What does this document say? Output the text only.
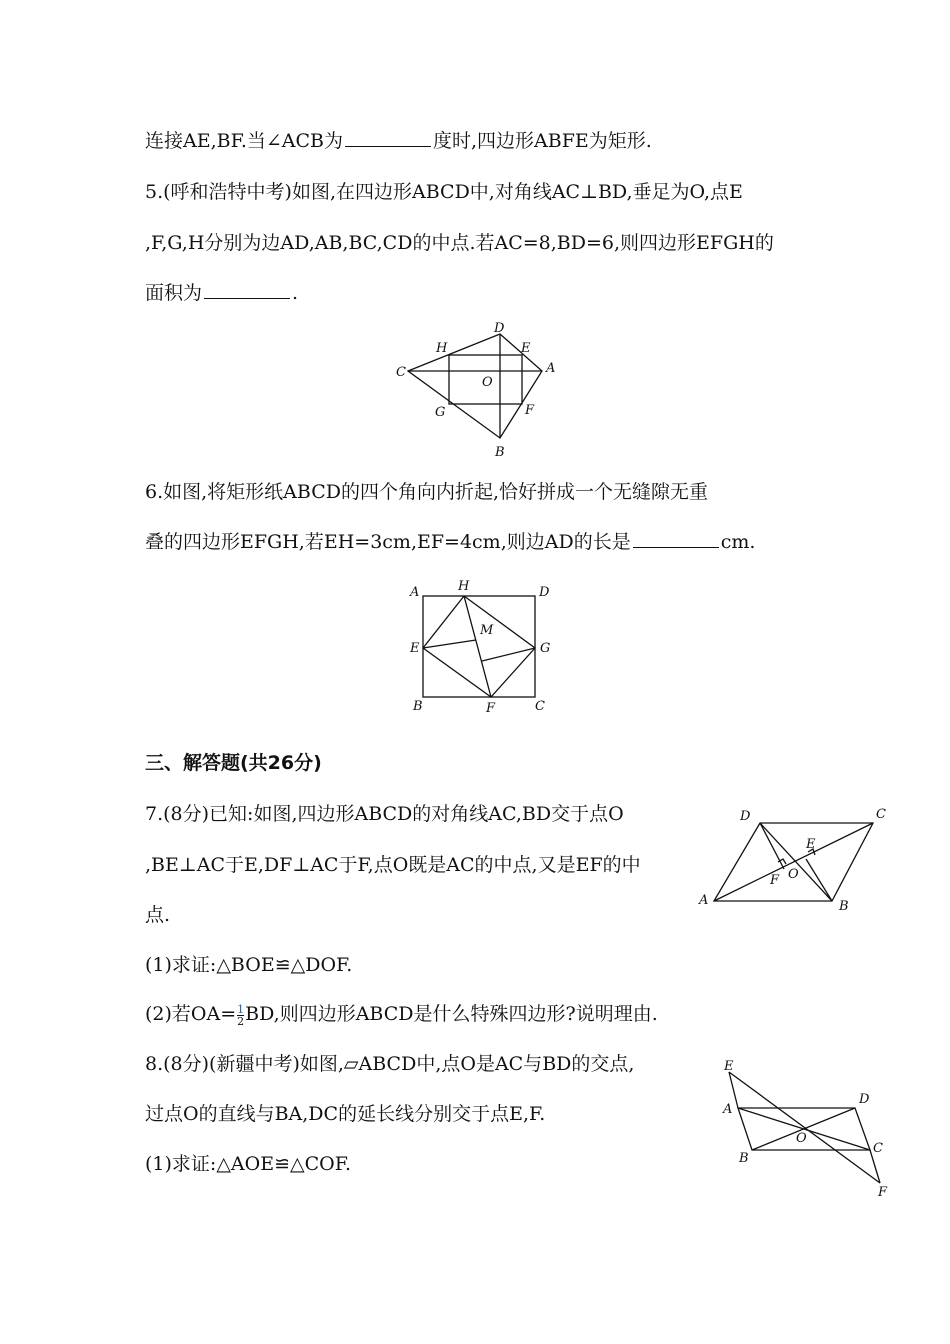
连接AE,BF.当∠ACB为	度时,四边形ABFE为矩形.
5.(呼和浩特中考)如图,在四边形ABCD中,对角线AC⊥BD,垂足为O,点E
,F,G,H分别为边AD,AB,BC,CD的中点.若AC=8,BD=6,则四边形EFGH的
面积为	.
D
H	E
C	A
O
G	F
B
6.如图,将矩形纸ABCD的四个角向内折起,恰好拼成一个无缝隙无重
叠的四边形EFGH,若EH=3cm,EF=4cm,则边AD的长是	cm.
A	H	D
M
E	G
B	F	C
三、解答题(共26分)
7.(8分)已知:如图,四边形ABCD的对角线AC,BD交于点O
,BE⊥AC于E,DF⊥AC于F,点O既是AC的中点,又是EF的中
点.
(1)求证:△BOE≌△DOF.
(2)若$OA= \frac{1}{2}$ BD,则四边形ABCD是什么特殊四边形?说明理由.
D	C
E
F O
A	B
8.(8分)(新疆中考)如图,▱ABCD中,点O是AC与BD的交点,
过点O的直线与BA,DC的延长线分别交于点E,F.
(1)求证:△AOE≌△COF.
E
D
A
O
C
B
F
